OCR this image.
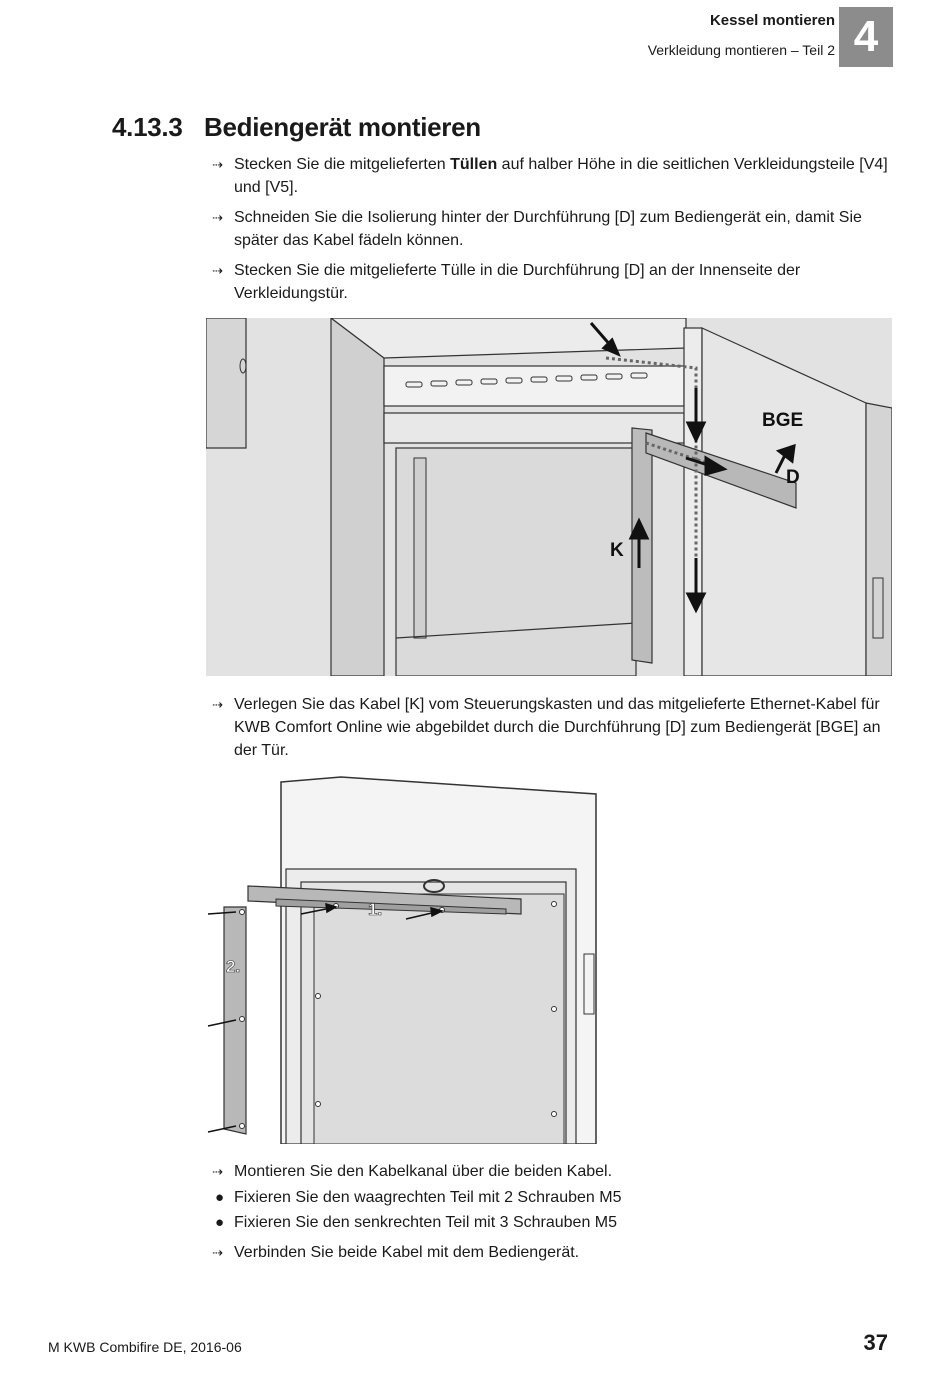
Kessel montieren
Verkleidung montieren – Teil 2 4
4.13.3 Bediengerät montieren
⇢ Stecken Sie die mitgelieferten Tüllen auf halber Höhe in die seitlichen Verkleidungsteile [V4] und [V5].
⇢ Schneiden Sie die Isolierung hinter der Durchführung [D] zum Bediengerät ein, damit Sie später das Kabel fädeln können.
⇢ Stecken Sie die mitgelieferte Tülle in die Durchführung [D] an der Innenseite der Verkleidungstür.
BGE
D
K
⇢ Verlegen Sie das Kabel [K] vom Steuerungskasten und das mitgelieferte Ethernet-Kabel für KWB Comfort Online wie abgebildet durch die Durchführung [D] zum Bediengerät [BGE] an der Tür.
1.
2.
⇢ Montieren Sie den Kabelkanal über die beiden Kabel.
● Fixieren Sie den waagrechten Teil mit 2 Schrauben M5
● Fixieren Sie den senkrechten Teil mit 3 Schrauben M5
⇢ Verbinden Sie beide Kabel mit dem Bediengerät.
M KWB Combifire DE, 2016-06	37
